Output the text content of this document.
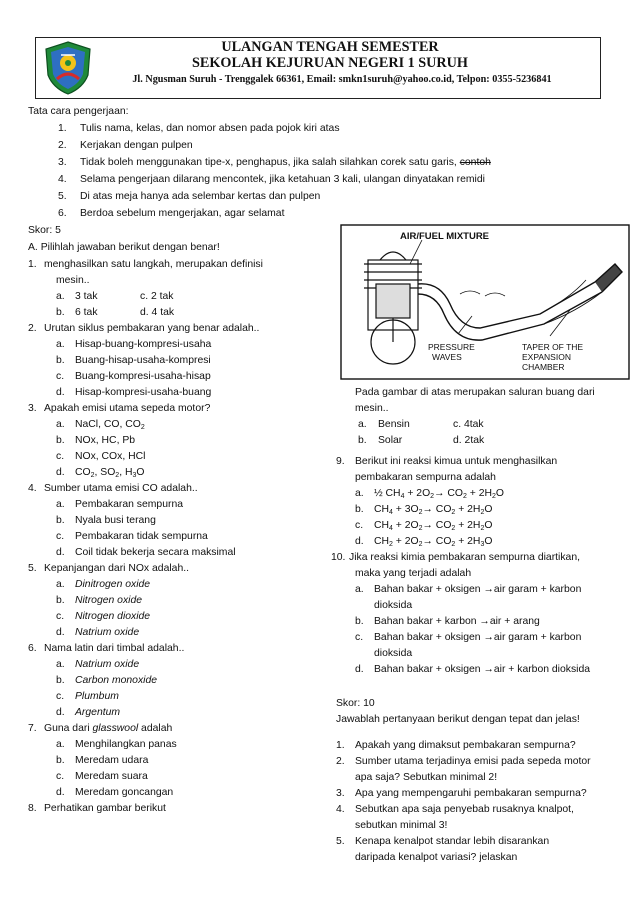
ULANGAN TENGAH SEMESTER
SEKOLAH KEJURUAN NEGERI 1 SURUH
Jl. Ngusman Suruh - Trenggalek 66361, Email: smkn1suruh@yahoo.co.id, Telpon: 0355-5236841
Tata cara pengerjaan:
1. Tulis nama, kelas, dan nomor absen pada pojok kiri atas
2. Kerjakan dengan pulpen
3. Tidak boleh menggunakan tipe-x, penghapus, jika salah silahkan corek satu garis, contoh
4. Selama pengerjaan dilarang mencontek, jika ketahuan 3 kali, ulangan dinyatakan remidi
5. Di atas meja hanya ada selembar kertas dan pulpen
6. Berdoa sebelum mengerjakan, agar selamat
Skor: 5
A. Pilihlah jawaban berikut dengan benar!
1. menghasilkan satu langkah, merupakan definisi
mesin..
a. 3 tak	c. 2 tak
b. 6 tak	d. 4 tak
2. Urutan siklus pembakaran yang benar adalah..
a. Hisap-buang-kompresi-usaha
b. Buang-hisap-usaha-kompresi
c. Buang-kompresi-usaha-hisap
d. Hisap-kompresi-usaha-buang
3. Apakah emisi utama sepeda motor?
a. NaCl, CO, $CO_2$
b. NOx, HC, Pb
c. NOx, COx, HCl
d. $CO_2$, $SO_2$, $H_3O$
4. Sumber utama emisi CO adalah..
a. Pembakaran sempurna
b. Nyala busi terang
c. Pembakaran tidak sempurna
d. Coil tidak bekerja secara maksimal
5. Kepanjangan dari NOx adalah..
a. Dinitrogen oxide
b. Nitrogen oxide
c. Nitrogen dioxide
d. Natrium oxide
6. Nama latin dari timbal adalah..
a. Natrium oxide
b. Carbon monoxide
c. Plumbum
d. Argentum
7. Guna dari glasswool adalah
a. Menghilangkan panas
b. Meredam udara
c. Meredam suara
d. Meredam goncangan
8. Perhatikan gambar berikut
AIR/FUEL MIXTURE
PRESSURE
WAVES
TAPER OF THE
EXPANSION
CHAMBER
Pada gambar di atas merupakan saluran buang dari
mesin..
a. Bensin	c. 4tak
b. Solar	d. 2tak
9. Berikut ini reaksi kimua untuk menghasilkan
pembakaran sempurna adalah
a. ½ $CH_4 + 2O_2\to CO_2 + 2H_2O$
b. $CH_4 + 3O_2\to CO_2 + 2H_2O$
c. $CH_4 + 2O_2\to CO_2 + 2H_2O$
d. $CH_2 + 2O_2\to CO_2 + 2H_3O$
10. Jika reaksi kimia pembakaran sempurna diartikan,
maka yang terjadi adalah
a. Bahan bakar + oksigen →air garam + karbon
dioksida
b. Bahan bakar + karbon →air + arang
c. Bahan bakar + oksigen →air garam + karbon
dioksida
d. Bahan bakar + oksigen →air + karbon dioksida
Skor: 10
Jawablah pertanyaan berikut dengan tepat dan jelas!
1. Apakah yang dimaksut pembakaran sempurna?
2. Sumber utama terjadinya emisi pada sepeda motor
apa saja? Sebutkan minimal 2!
3. Apa yang mempengaruhi pembakaran sempurna?
4. Sebutkan apa saja penyebab rusaknya knalpot,
sebutkan minimal 3!
5. Kenapa kenalpot standar lebih disarankan
daripada kenalpot variasi? jelaskan
